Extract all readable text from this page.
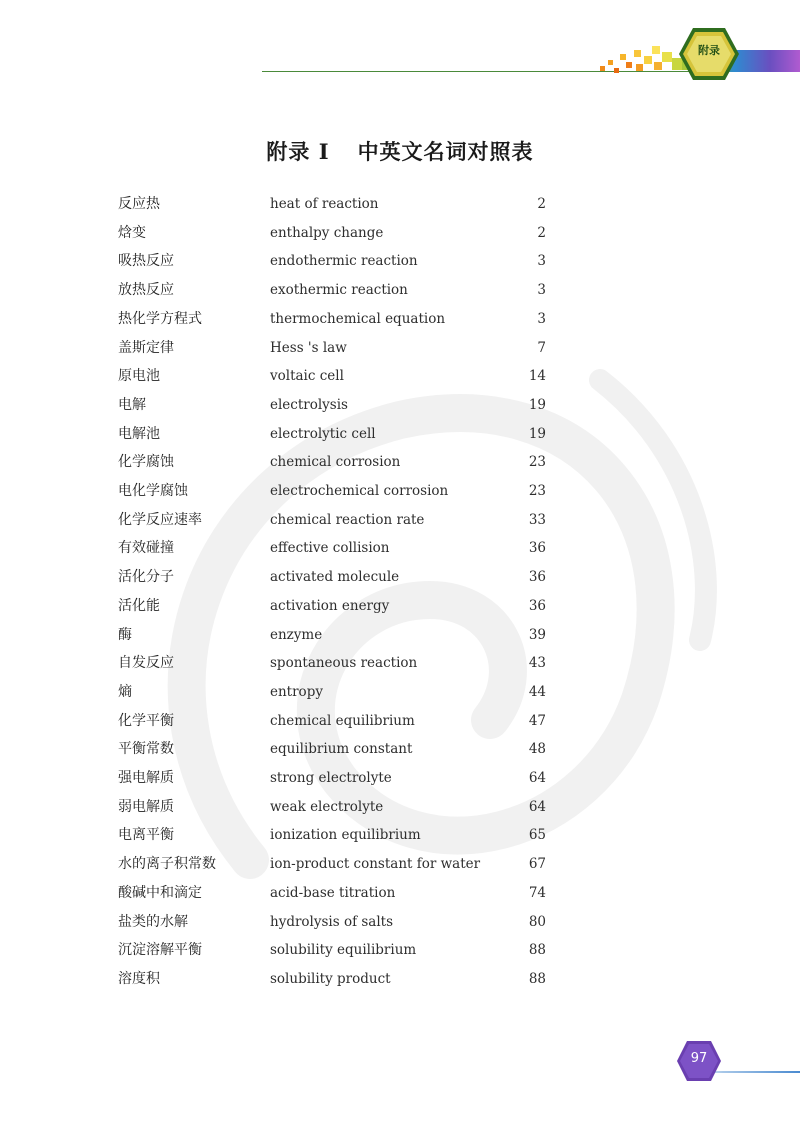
附录
附录 I 中英文名词对照表
反应热	heat of reaction	2
焓变	enthalpy change	2
吸热反应	endothermic reaction	3
放热反应	exothermic reaction	3
热化学方程式	thermochemical equation	3
盖斯定律	Hess 's law	7
原电池	voltaic cell	14
电解	electrolysis	19
电解池	electrolytic cell	19
化学腐蚀	chemical corrosion	23
电化学腐蚀	electrochemical corrosion	23
化学反应速率	chemical reaction rate	33
有效碰撞	effective collision	36
活化分子	activated molecule	36
活化能	activation energy	36
酶	enzyme	39
自发反应	spontaneous reaction	43
熵	entropy	44
化学平衡	chemical equilibrium	47
平衡常数	equilibrium constant	48
强电解质	strong electrolyte	64
弱电解质	weak electrolyte	64
电离平衡	ionization equilibrium	65
水的离子积常数	ion-product constant for water	67
酸碱中和滴定	acid-base titration	74
盐类的水解	hydrolysis of salts	80
沉淀溶解平衡	solubility equilibrium	88
溶度积	solubility product	88
97
